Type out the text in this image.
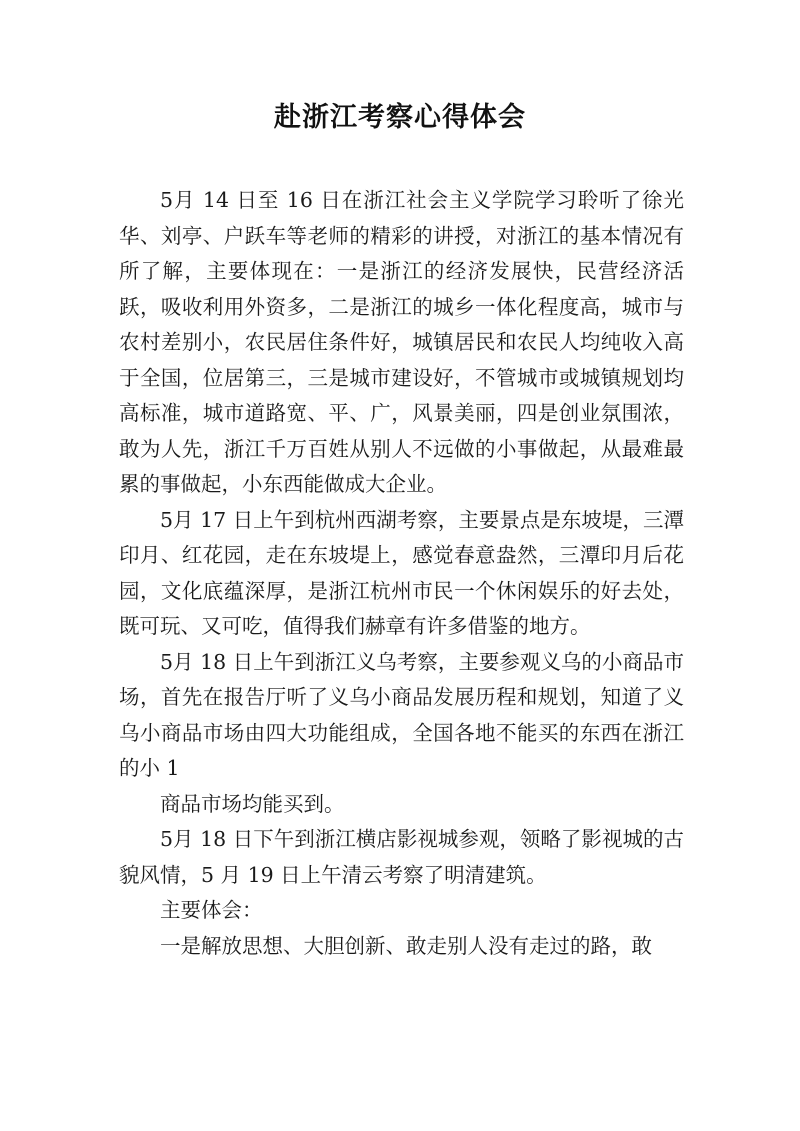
赴浙江考察心得体会

5月 14 日至 16 日在浙江社会主义学院学习聆听了徐光华、刘亭、户跃车等老师的精彩的讲授，对浙江的基本情况有所了解，主要体现在：一是浙江的经济发展快，民营经济活跃，吸收利用外资多，二是浙江的城乡一体化程度高，城市与农村差别小，农民居住条件好，城镇居民和农民人均纯收入高于全国，位居第三，三是城市建设好，不管城市或城镇规划均高标准，城市道路宽、平、广，风景美丽，四是创业氛围浓，敢为人先，浙江千万百姓从别人不远做的小事做起，从最难最累的事做起，小东西能做成大企业。

5月 17 日上午到杭州西湖考察，主要景点是东坡堤，三潭印月、红花园，走在东坡堤上，感觉春意盎然，三潭印月后花园，文化底蕴深厚，是浙江杭州市民一个休闲娱乐的好去处，既可玩、又可吃，值得我们赫章有许多借鉴的地方。

5月 18 日上午到浙江义乌考察，主要参观义乌的小商品市场，首先在报告厅听了义乌小商品发展历程和规划，知道了义乌小商品市场由四大功能组成，全国各地不能买的东西在浙江的小 1

商品市场均能买到。

5月 18 日下午到浙江横店影视城参观，领略了影视城的古貌风情，5 月 19 日上午清云考察了明清建筑。

主要体会：

一是解放思想、大胆创新、敢走别人没有走过的路，敢
